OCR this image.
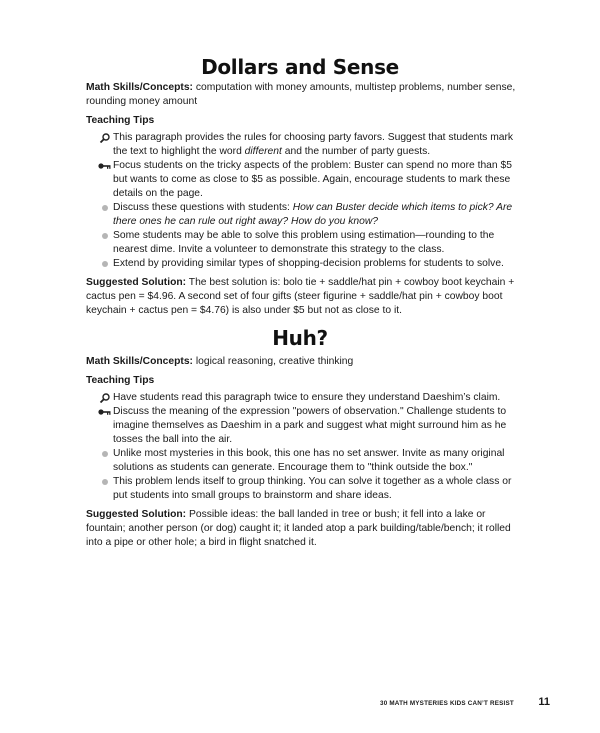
Dollars and Sense

Math Skills/Concepts: computation with money amounts, multistep problems, number sense, rounding money amount

Teaching Tips
This paragraph provides the rules for choosing party favors. Suggest that students mark the text to highlight the word different and the number of party guests.
Focus students on the tricky aspects of the problem: Buster can spend no more than $5 but wants to come as close to $5 as possible. Again, encourage students to mark these details on the page.
Discuss these questions with students: How can Buster decide which items to pick? Are there ones he can rule out right away? How do you know?
Some students may be able to solve this problem using estimation—rounding to the nearest dime. Invite a volunteer to demonstrate this strategy to the class.
Extend by providing similar types of shopping-decision problems for students to solve.

Suggested Solution: The best solution is: bolo tie + saddle/hat pin + cowboy boot keychain + cactus pen = $4.96. A second set of four gifts (steer figurine + saddle/hat pin + cowboy boot keychain + cactus pen = $4.76) is also under $5 but not as close to it.

Huh?

Math Skills/Concepts: logical reasoning, creative thinking

Teaching Tips
Have students read this paragraph twice to ensure they understand Daeshim’s claim.
Discuss the meaning of the expression "powers of observation." Challenge students to imagine themselves as Daeshim in a park and suggest what might surround him as he tosses the ball into the air.
Unlike most mysteries in this book, this one has no set answer. Invite as many original solutions as students can generate. Encourage them to "think outside the box."
This problem lends itself to group thinking. You can solve it together as a whole class or put students into small groups to brainstorm and share ideas.

Suggested Solution: Possible ideas: the ball landed in tree or bush; it fell into a lake or fountain; another person (or dog) caught it; it landed atop a park building/table/bench; it rolled into a pipe or other hole; a bird in flight snatched it.

30 MATH MYSTERIES KIDS CAN’T RESIST 11
